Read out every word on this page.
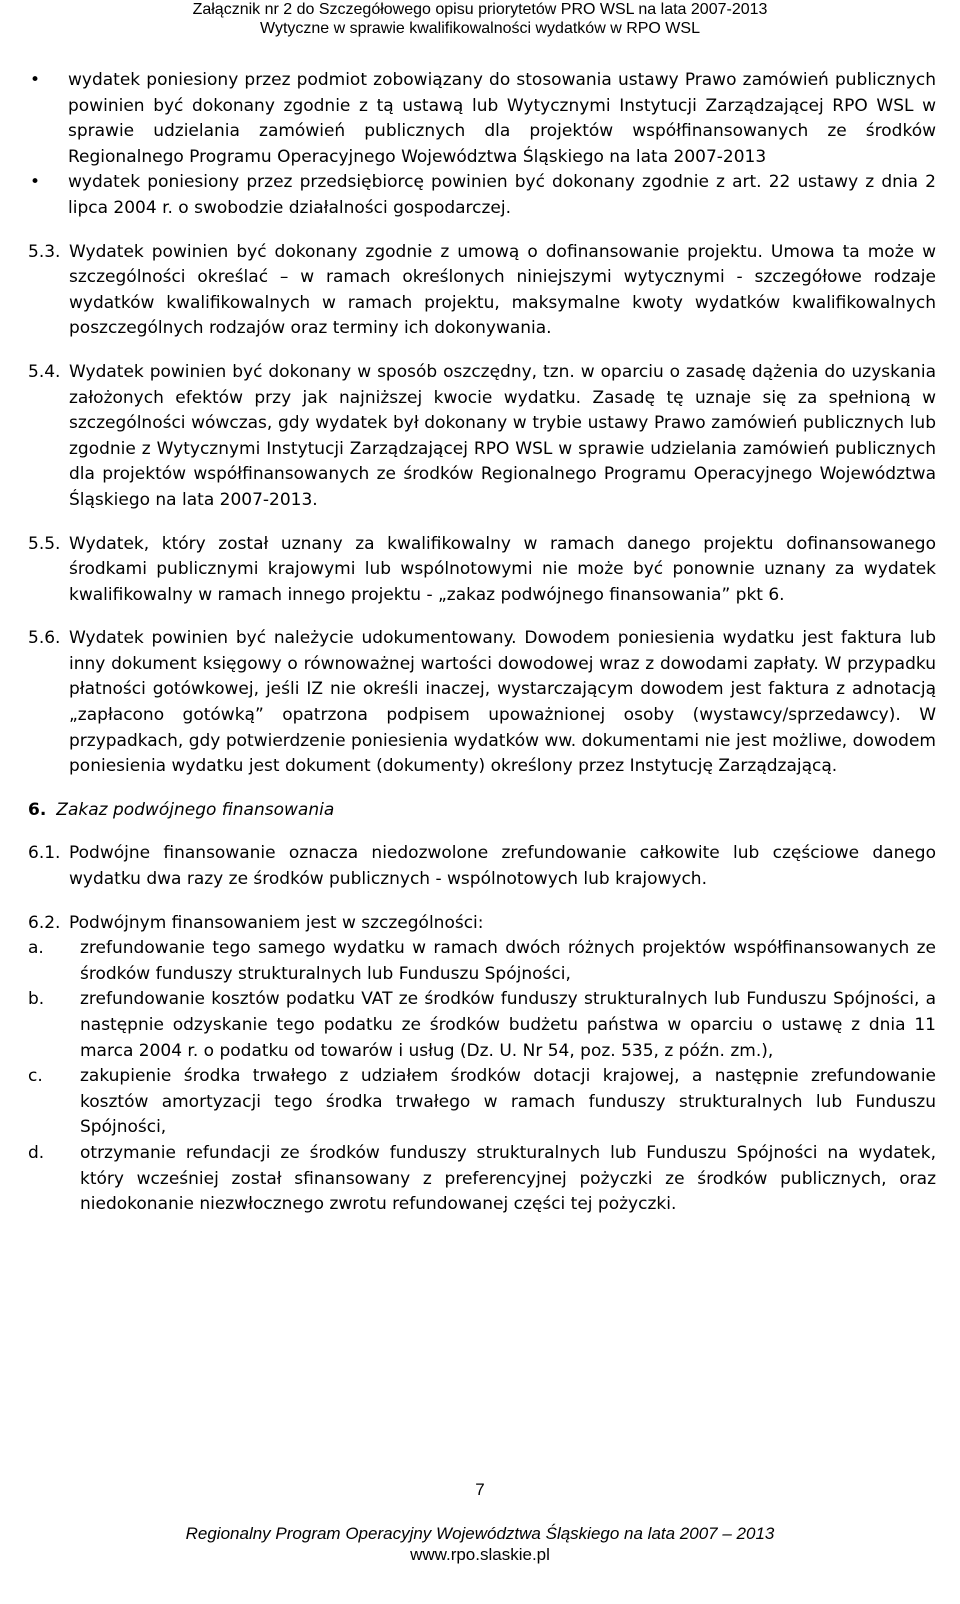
Załącznik nr 2 do Szczegółowego opisu priorytetów PRO WSL na lata 2007-2013
Wytyczne w sprawie kwalifikowalności wydatków w RPO WSL
• wydatek poniesiony przez podmiot zobowiązany do stosowania ustawy Prawo zamówień publicznych powinien być dokonany zgodnie z tą ustawą lub Wytycznymi Instytucji Zarządzającej RPO WSL w sprawie udzielania zamówień publicznych dla projektów współfinansowanych ze środków Regionalnego Programu Operacyjnego Województwa Śląskiego na lata 2007-2013
• wydatek poniesiony przez przedsiębiorcę powinien być dokonany zgodnie z art. 22 ustawy z dnia 2 lipca 2004 r. o swobodzie działalności gospodarczej.
5.3. Wydatek powinien być dokonany zgodnie z umową o dofinansowanie projektu. Umowa ta może w szczególności określać – w ramach określonych niniejszymi wytycznymi - szczegółowe rodzaje wydatków kwalifikowalnych w ramach projektu, maksymalne kwoty wydatków kwalifikowalnych poszczególnych rodzajów oraz terminy ich dokonywania.
5.4. Wydatek powinien być dokonany w sposób oszczędny, tzn. w oparciu o zasadę dążenia do uzyskania założonych efektów przy jak najniższej kwocie wydatku. Zasadę tę uznaje się za spełnioną w szczególności wówczas, gdy wydatek był dokonany w trybie ustawy Prawo zamówień publicznych lub zgodnie z Wytycznymi Instytucji Zarządzającej RPO WSL w sprawie udzielania zamówień publicznych dla projektów współfinansowanych ze środków Regionalnego Programu Operacyjnego Województwa Śląskiego na lata 2007-2013.
5.5. Wydatek, który został uznany za kwalifikowalny w ramach danego projektu dofinansowanego środkami publicznymi krajowymi lub wspólnotowymi nie może być ponownie uznany za wydatek kwalifikowalny w ramach innego projektu - „zakaz podwójnego finansowania” pkt 6.
5.6. Wydatek powinien być należycie udokumentowany. Dowodem poniesienia wydatku jest faktura lub inny dokument księgowy o równoważnej wartości dowodowej wraz z dowodami zapłaty. W przypadku płatności gotówkowej, jeśli IZ nie określi inaczej, wystarczającym dowodem jest faktura z adnotacją „zapłacono gotówką” opatrzona podpisem upoważnionej osoby (wystawcy/sprzedawcy). W przypadkach, gdy potwierdzenie poniesienia wydatków ww. dokumentami nie jest możliwe, dowodem poniesienia wydatku jest dokument (dokumenty) określony przez Instytucję Zarządzającą.
6. Zakaz podwójnego finansowania
6.1. Podwójne finansowanie oznacza niedozwolone zrefundowanie całkowite lub częściowe danego wydatku dwa razy ze środków publicznych - wspólnotowych lub krajowych.
6.2. Podwójnym finansowaniem jest w szczególności:
a. zrefundowanie tego samego wydatku w ramach dwóch różnych projektów współfinansowanych ze środków funduszy strukturalnych lub Funduszu Spójności,
b. zrefundowanie kosztów podatku VAT ze środków funduszy strukturalnych lub Funduszu Spójności, a następnie odzyskanie tego podatku ze środków budżetu państwa w oparciu o ustawę z dnia 11 marca 2004 r. o podatku od towarów i usług (Dz. U. Nr 54, poz. 535, z późn. zm.),
c. zakupienie środka trwałego z udziałem środków dotacji krajowej, a następnie zrefundowanie kosztów amortyzacji tego środka trwałego w ramach funduszy strukturalnych lub Funduszu Spójności,
d. otrzymanie refundacji ze środków funduszy strukturalnych lub Funduszu Spójności na wydatek, który wcześniej został sfinansowany z preferencyjnej pożyczki ze środków publicznych, oraz niedokonanie niezwłocznego zwrotu refundowanej części tej pożyczki.
7
Regionalny Program Operacyjny Województwa Śląskiego na lata 2007 – 2013
www.rpo.slaskie.pl
